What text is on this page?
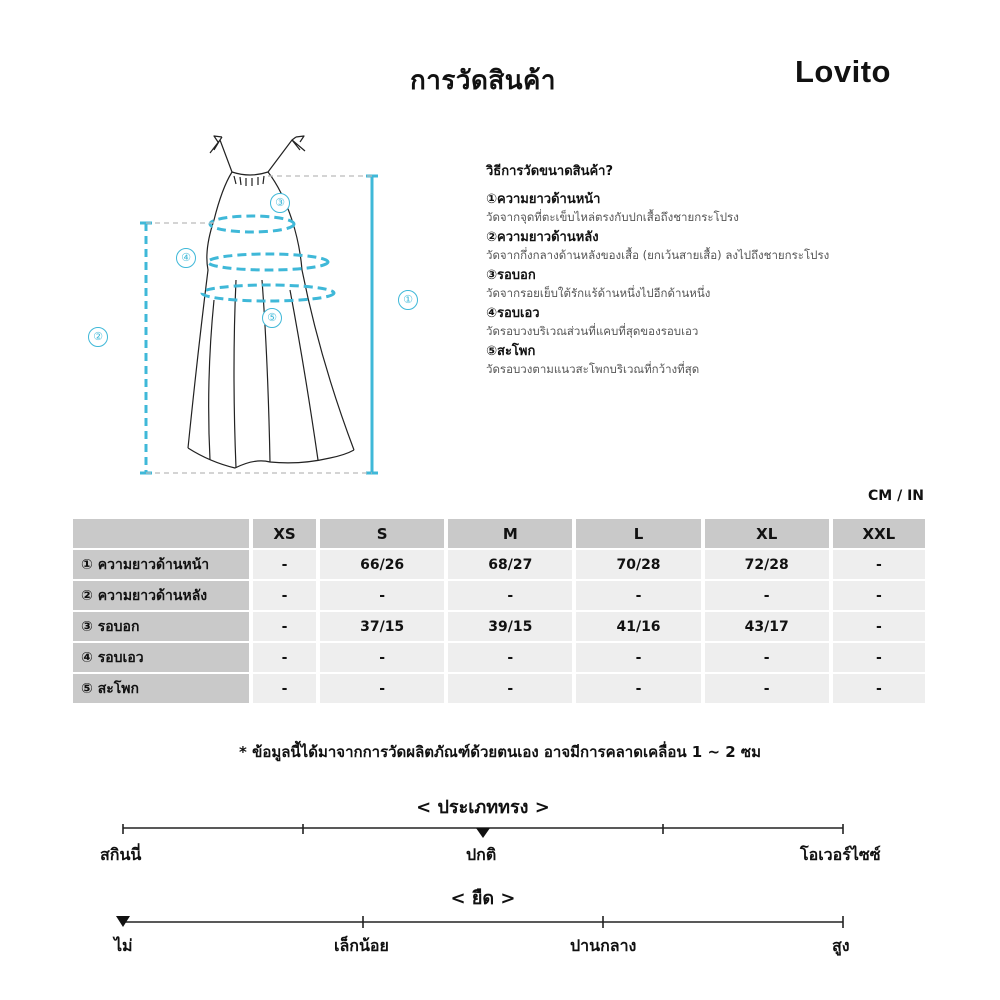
การวัดสินค้า	Lovito
①
②
③
④
⑤
วิธีการวัดขนาดสินค้า?
①ความยาวด้านหน้า
วัดจากจุดที่ตะเข็บไหล่ตรงกับปกเสื้อถึงชายกระโปรง
②ความยาวด้านหลัง
วัดจากกึ่งกลางด้านหลังของเสื้อ (ยกเว้นสายเสื้อ) ลงไปถึงชายกระโปรง
③รอบอก
วัดจากรอยเย็บใต้รักแร้ด้านหนึ่งไปอีกด้านหนึ่ง
④รอบเอว
วัดรอบวงบริเวณส่วนที่แคบที่สุดของรอบเอว
⑤สะโพก
วัดรอบวงตามแนวสะโพกบริเวณที่กว้างที่สุด
CM / IN
		XS		S		M		L		XL		XXL
① ความยาวด้านหน้า		-		66/26		68/27		70/28		72/28		-
② ความยาวด้านหลัง		-		-		-		-		-		-
③ รอบอก		-		37/15		39/15		41/16		43/17		-
④ รอบเอว		-		-		-		-		-		-
⑤ สะโพก		-		-		-		-		-		-
* ข้อมูลนี้ได้มาจากการวัดผลิตภัณฑ์ด้วยตนเอง อาจมีการคลาดเคลื่อน 1 ~ 2 ซม
< ประเภททรง >
สกินนี่	ปกติ	โอเวอร์ไซซ์
< ยืด >
ไม่	เล็กน้อย	ปานกลาง	สูง
